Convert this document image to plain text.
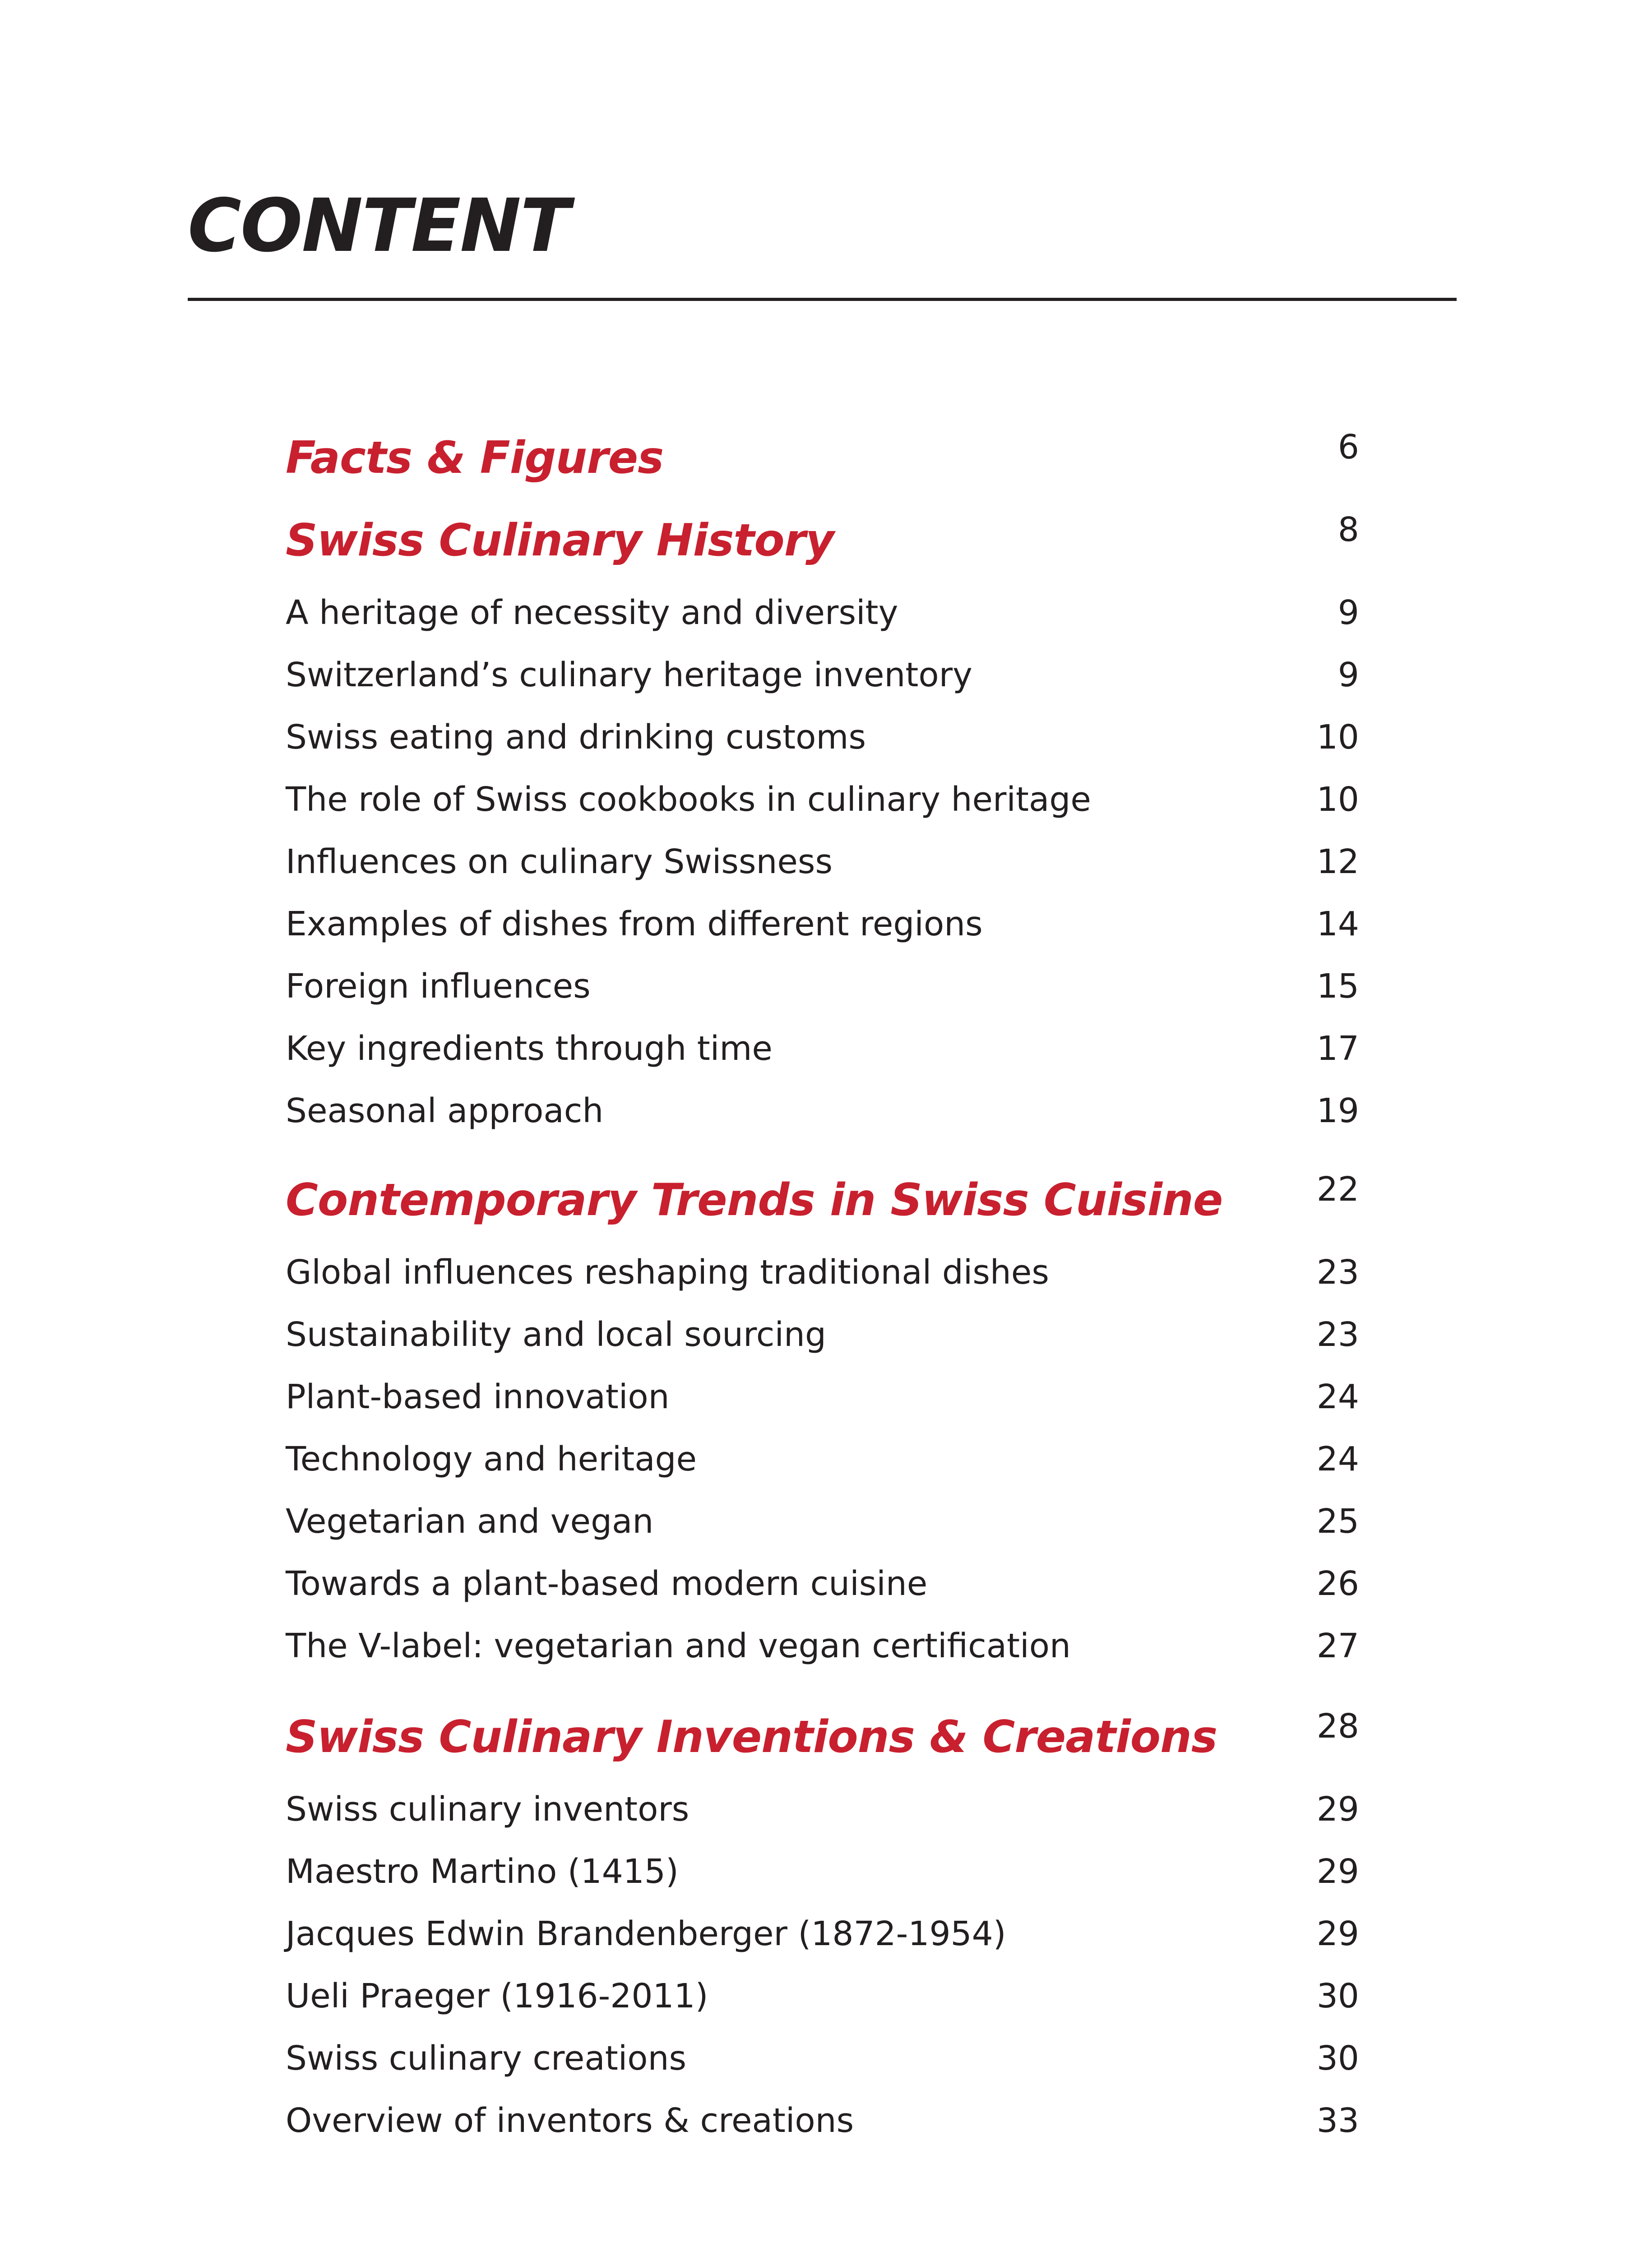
CONTENT
Facts & Figures	6
Swiss Culinary History	8
A heritage of necessity and diversity	9
Switzerland’s culinary heritage inventory	9
Swiss eating and drinking customs	10
The role of Swiss cookbooks in culinary heritage	10
Influences on culinary Swissness	12
Examples of dishes from different regions	14
Foreign influences	15
Key ingredients through time	17
Seasonal approach	19
Contemporary Trends in Swiss Cuisine	22
Global influences reshaping traditional dishes	23
Sustainability and local sourcing	23
Plant-based innovation	24
Technology and heritage	24
Vegetarian and vegan	25
Towards a plant-based modern cuisine	26
The V-label: vegetarian and vegan certification	27
Swiss Culinary Inventions & Creations	28
Swiss culinary inventors	29
Maestro Martino (1415)	29
Jacques Edwin Brandenberger (1872-1954)	29
Ueli Praeger (1916-2011)	30
Swiss culinary creations	30
Overview of inventors & creations	33
